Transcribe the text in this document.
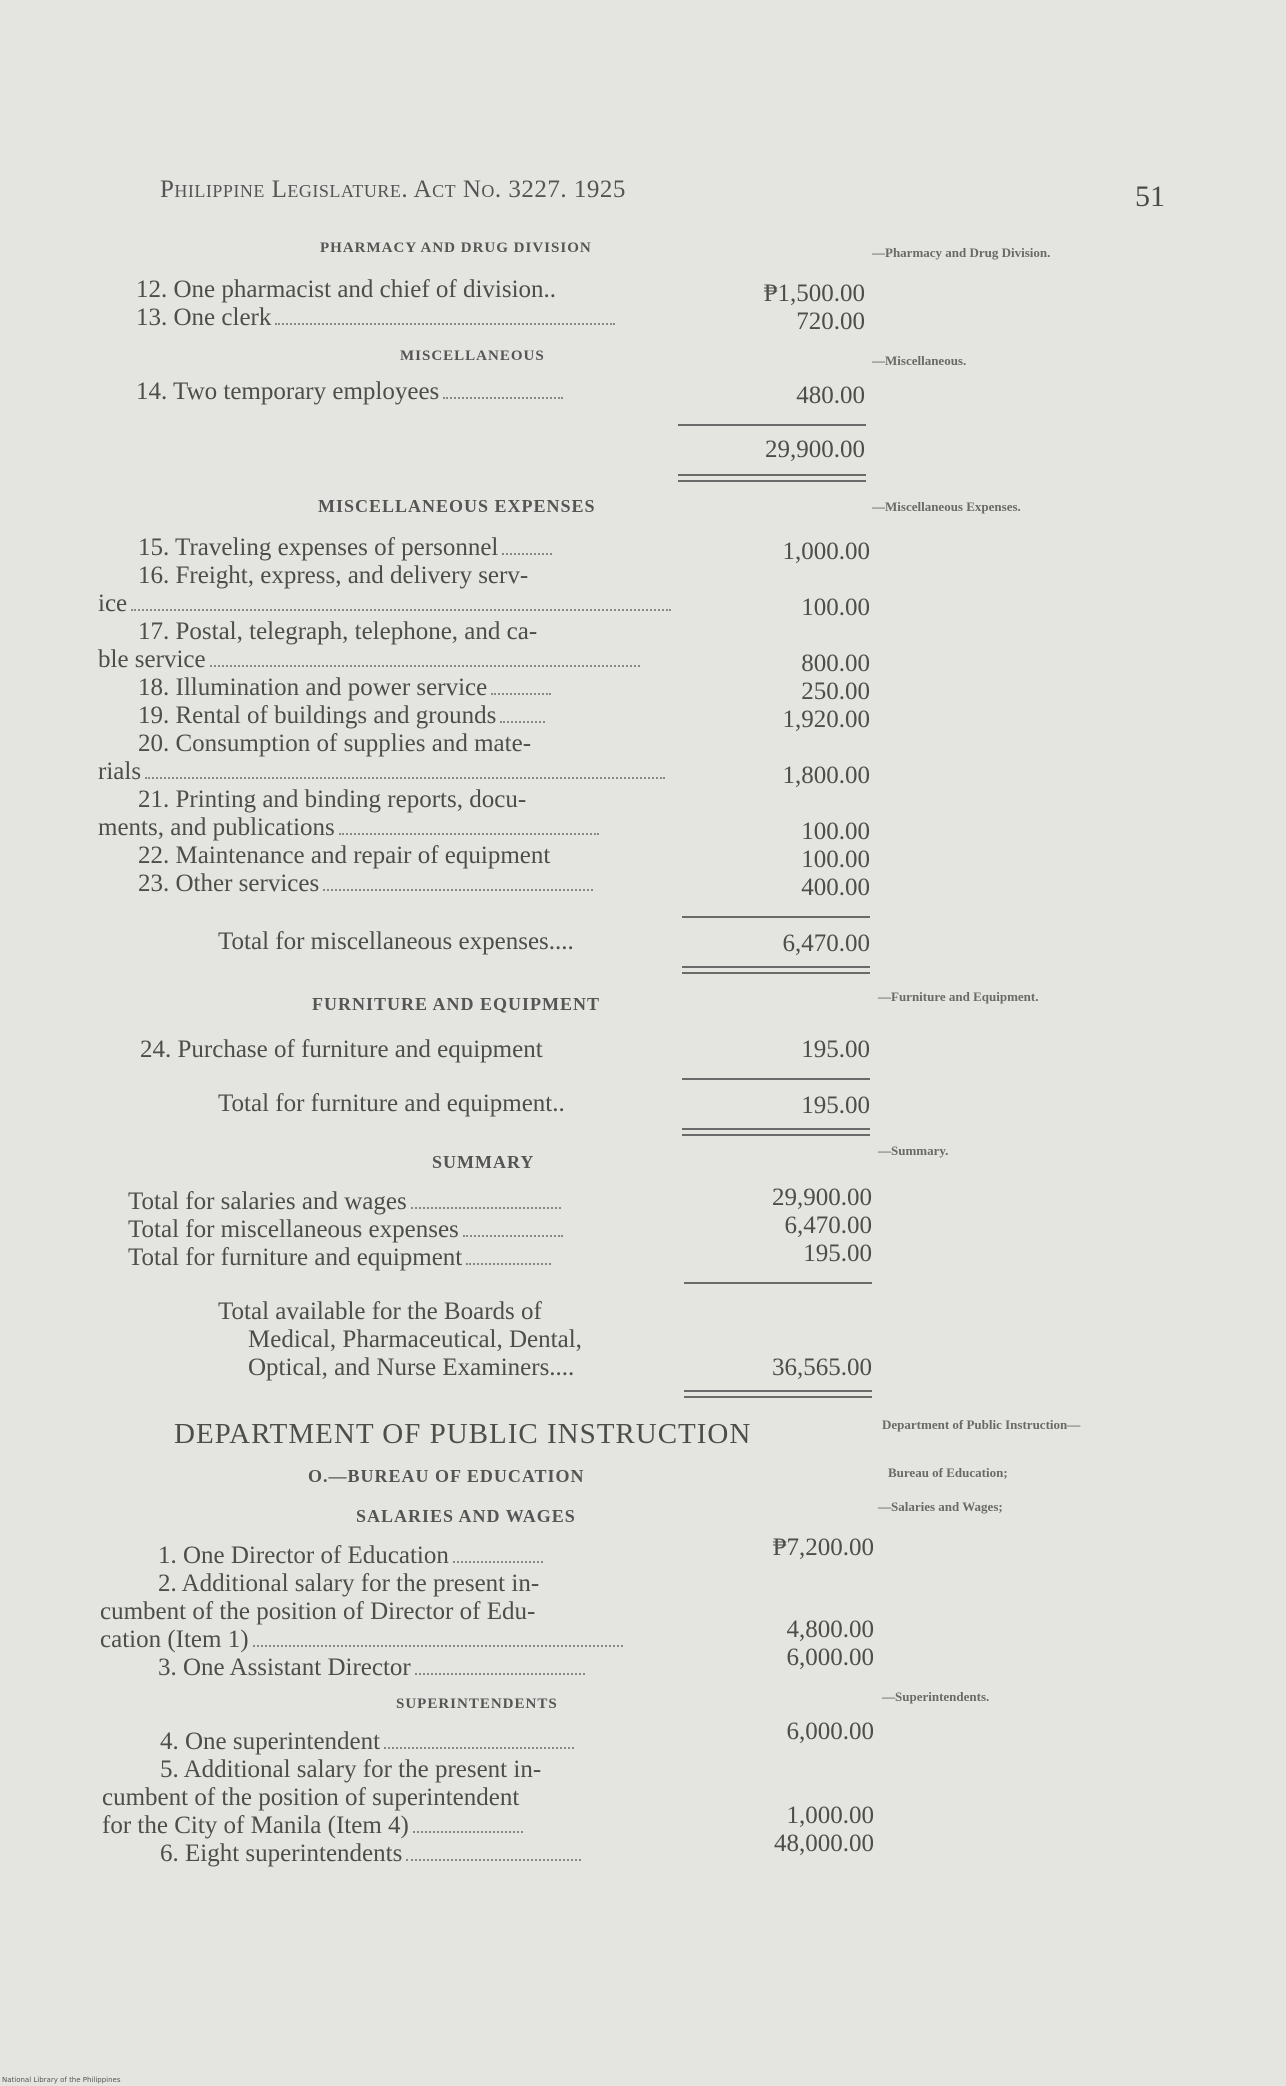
Philippine Legislature. Act No. 3227. 1925	51
PHARMACY AND DRUG DIVISION	—Pharmacy and Drug Division.
12. One pharmacist and chief of division..	₱1,500.00
13. One clerk	720.00
MISCELLANEOUS	—Miscellaneous.
14. Two temporary employees	480.00
29,900.00
MISCELLANEOUS EXPENSES	—Miscellaneous Expenses.
15. Traveling expenses of personnel	1,000.00
16. Freight, express, and delivery serv-
ice	100.00
17. Postal, telegraph, telephone, and ca-
ble service	800.00
18. Illumination and power service	250.00
19. Rental of buildings and grounds	1,920.00
20. Consumption of supplies and mate-
rials	1,800.00
21. Printing and binding reports, docu-
ments, and publications	100.00
22. Maintenance and repair of equipment	100.00
23. Other services	400.00
Total for miscellaneous expenses....	6,470.00
FURNITURE AND EQUIPMENT	—Furniture and Equipment.
24. Purchase of furniture and equipment	195.00
Total for furniture and equipment..	195.00
SUMMARY
—Summary.
Total for salaries and wages	29,900.00
Total for miscellaneous expenses	6,470.00
Total for furniture and equipment	195.00
Total available for the Boards of
Medical, Pharmaceutical, Dental,
Optical, and Nurse Examiners....	36,565.00
DEPARTMENT OF PUBLIC INSTRUCTION	Department of Public Instruction—
O.—BUREAU OF EDUCATION	Bureau of Education;
SALARIES AND WAGES	—Salaries and Wages;
1. One Director of Education	₱7,200.00
2. Additional salary for the present in-
cumbent of the position of Director of Edu-
cation (Item 1)	4,800.00
3. One Assistant Director	6,000.00
SUPERINTENDENTS	—Superintendents.
4. One superintendent	6,000.00
5. Additional salary for the present in-
cumbent of the position of superintendent
for the City of Manila (Item 4)	1,000.00
6. Eight superintendents	48,000.00
National Library of the Philippines
